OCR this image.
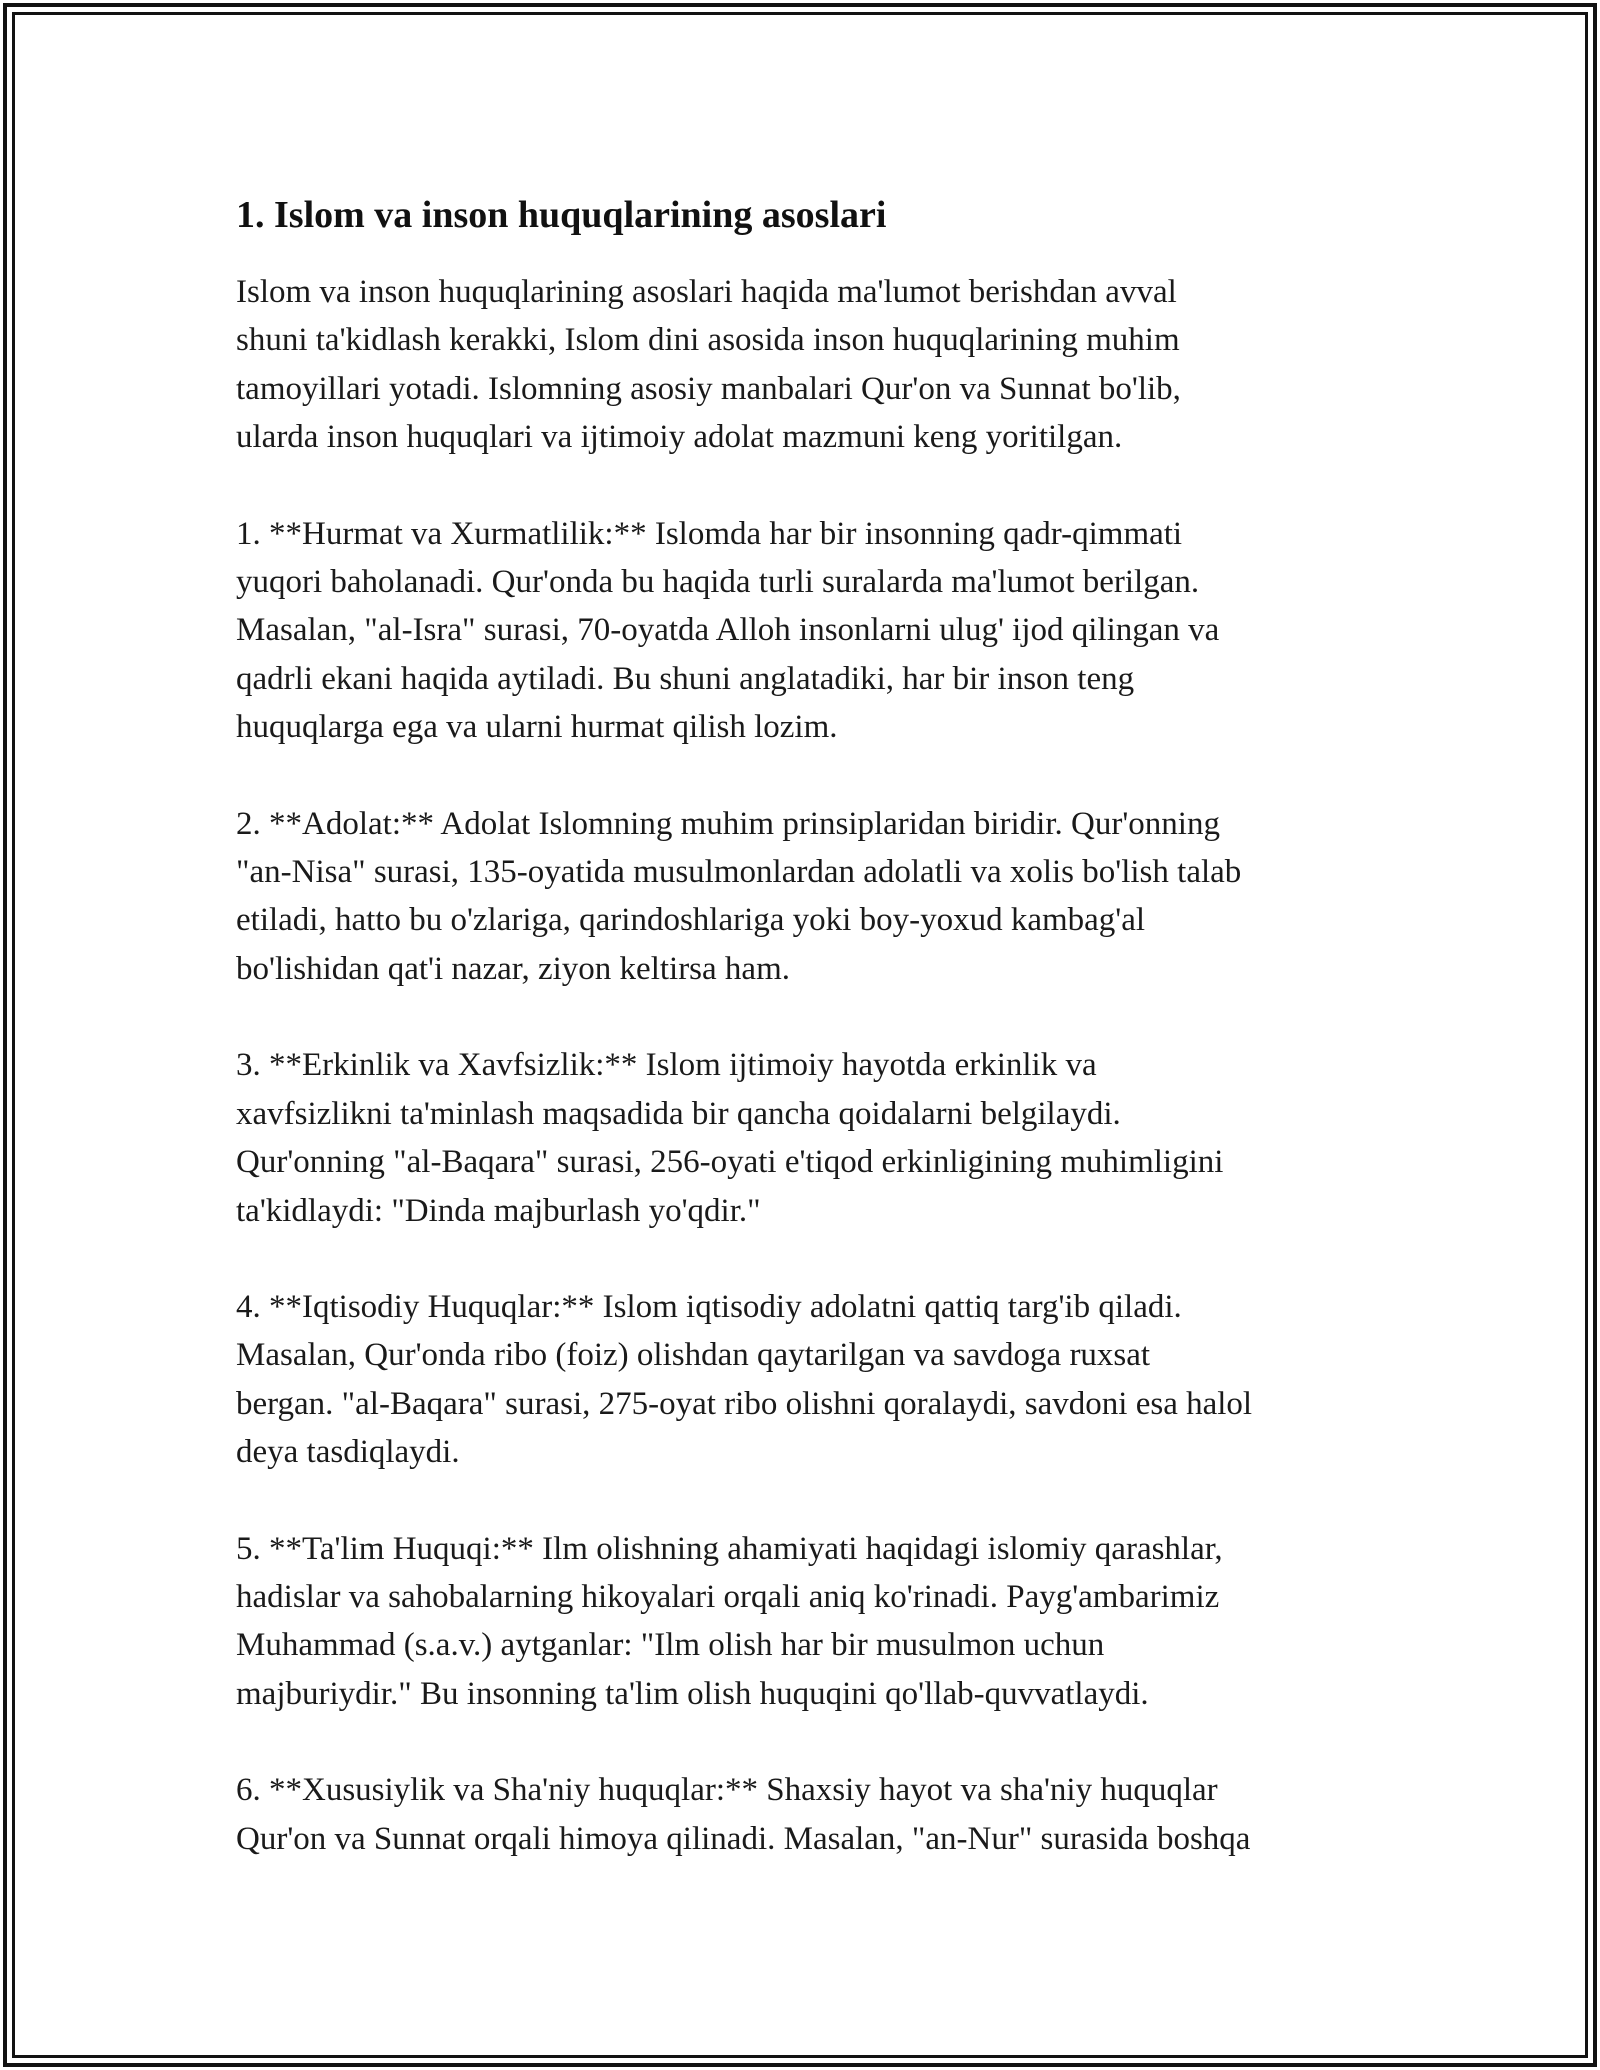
1. Islom va inson huquqlarining asoslari

Islom va inson huquqlarining asoslari haqida ma'lumot berishdan avval
shuni ta'kidlash kerakki, Islom dini asosida inson huquqlarining muhim
tamoyillari yotadi. Islomning asosiy manbalari Qur'on va Sunnat bo'lib,
ularda inson huquqlari va ijtimoiy adolat mazmuni keng yoritilgan.

1. **Hurmat va Xurmatlilik:** Islomda har bir insonning qadr-qimmati
yuqori baholanadi. Qur'onda bu haqida turli suralarda ma'lumot berilgan.
Masalan, "al-Isra" surasi, 70-oyatda Alloh insonlarni ulug' ijod qilingan va
qadrli ekani haqida aytiladi. Bu shuni anglatadiki, har bir inson teng
huquqlarga ega va ularni hurmat qilish lozim.

2. **Adolat:** Adolat Islomning muhim prinsiplaridan biridir. Qur'onning
"an-Nisa" surasi, 135-oyatida musulmonlardan adolatli va xolis bo'lish talab
etiladi, hatto bu o'zlariga, qarindoshlariga yoki boy-yoxud kambag'al
bo'lishidan qat'i nazar, ziyon keltirsa ham.

3. **Erkinlik va Xavfsizlik:** Islom ijtimoiy hayotda erkinlik va
xavfsizlikni ta'minlash maqsadida bir qancha qoidalarni belgilaydi.
Qur'onning "al-Baqara" surasi, 256-oyati e'tiqod erkinligining muhimligini
ta'kidlaydi: "Dinda majburlash yo'qdir."

4. **Iqtisodiy Huquqlar:** Islom iqtisodiy adolatni qattiq targ'ib qiladi.
Masalan, Qur'onda ribo (foiz) olishdan qaytarilgan va savdoga ruxsat
bergan. "al-Baqara" surasi, 275-oyat ribo olishni qoralaydi, savdoni esa halol
deya tasdiqlaydi.

5. **Ta'lim Huquqi:** Ilm olishning ahamiyati haqidagi islomiy qarashlar,
hadislar va sahobalarning hikoyalari orqali aniq ko'rinadi. Payg'ambarimiz
Muhammad (s.a.v.) aytganlar: "Ilm olish har bir musulmon uchun
majburiydir." Bu insonning ta'lim olish huquqini qo'llab-quvvatlaydi.

6. **Xususiylik va Sha'niy huquqlar:** Shaxsiy hayot va sha'niy huquqlar
Qur'on va Sunnat orqali himoya qilinadi. Masalan, "an-Nur" surasida boshqa
